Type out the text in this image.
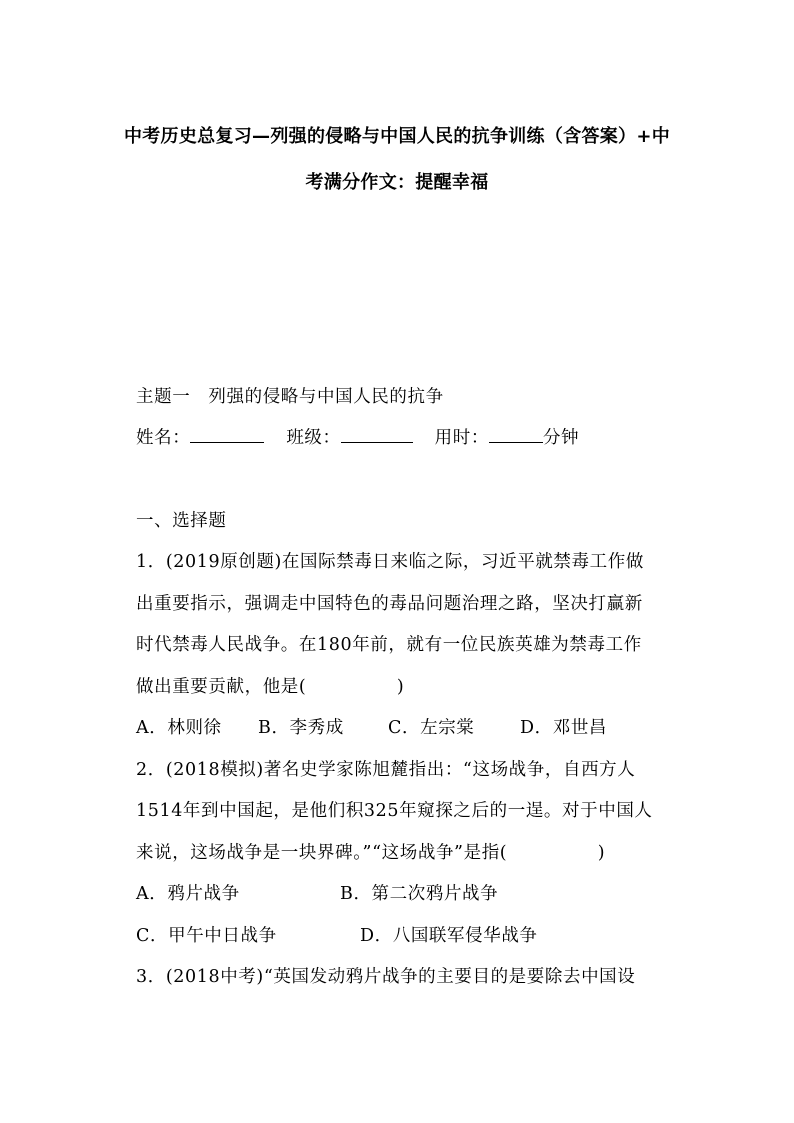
中考历史总复习—列强的侵略与中国人民的抗争训练（含答案）+中
考满分作文：提醒幸福
主题一　列强的侵略与中国人民的抗争
姓名：	班级：	用时：	分钟
一、选择题
1．(2019原创题)在国际禁毒日来临之际，习近平就禁毒工作做
出重要指示，强调走中国特色的毒品问题治理之路，坚决打赢新
时代禁毒人民战争。在180年前，就有一位民族英雄为禁毒工作
做出重要贡献，他是(　　　　　)
A．林则徐 B．李秀成	C．左宗棠	D．邓世昌
2．(2018模拟)著名史学家陈旭麓指出：“这场战争，自西方人
1514年到中国起，是他们积325年窥探之后的一逞。对于中国人
来说，这场战争是一块界碑。”“这场战争”是指(　　　　　)
A．鸦片战争	B．第二次鸦片战争
C．甲午中日战争	D．八国联军侵华战争
3．(2018中考)“英国发动鸦片战争的主要目的是要除去中国设
